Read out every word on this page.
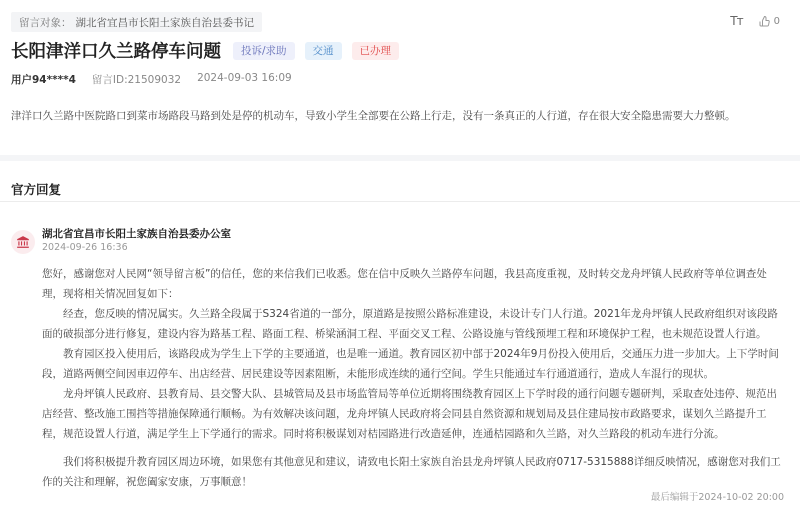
留言对象： 湖北省宜昌市长阳土家族自治县委书记	Tт	0
长阳津洋口久兰路停车问题	投诉/求助	交通	已办理
用户94****4 留言ID:21509032 2024-09-03 16:09
津洋口久兰路中医院路口到菜市场路段马路到处是停的机动车，导致小学生全部要在公路上行走，没有一条真正的人行道，存在很大安全隐患需要大力整顿。
官方回复
湖北省宜昌市长阳土家族自治县委办公室
2024-09-26 16:36

您好，感谢您对人民网“领导留言板”的信任，您的来信我们已收悉。您在信中反映久兰路停车问题，我县高度重视，及时转交龙舟坪镇人民政府等单位调查处理，现将相关情况回复如下：

经查，您反映的情况属实。久兰路全段属于S324省道的一部分，原道路是按照公路标准建设，未设计专门人行道。2021年龙舟坪镇人民政府组织对该段路面的破损部分进行修复，建设内容为路基工程、路面工程、桥梁涵洞工程、平面交叉工程、公路设施与管线预埋工程和环境保护工程，也未规范设置人行道。

教育园区投入使用后，该路段成为学生上下学的主要通道，也是唯一通道。教育园区初中部于2024年9月份投入使用后，交通压力进一步加大。上下学时间段，道路两侧空间因車辺停车、出店经营、居民建设等因素阻断，未能形成连续的通行空间。学生只能通过车行通道通行，造成人车混行的现状。

龙舟坪镇人民政府、县教育局、县交警大队、县城管局及县市场监管局等单位近期将围绕教育园区上下学时段的通行问题专题研判，采取查处违停、规范出店经营、整改施工围挡等措施保障通行顺畅。为有效解决该问题，龙舟坪镇人民政府将会同县自然资源和规划局及县住建局按市政路要求，谋划久兰路提升工程，规范设置人行道，满足学生上下学通行的需求。同时将积极谋划对桔园路进行改造延伸，连通桔园路和久兰路，对久兰路段的机动车进行分流。

我们将积极提升教育园区周边环境，如果您有其他意见和建议，请致电长阳土家族自治县龙舟坪镇人民政府0717-5315888详细反映情况，感谢您对我们工作的关注和理解，祝您阖家安康，万事顺意！

最后编辑于2024-10-02 20:00
